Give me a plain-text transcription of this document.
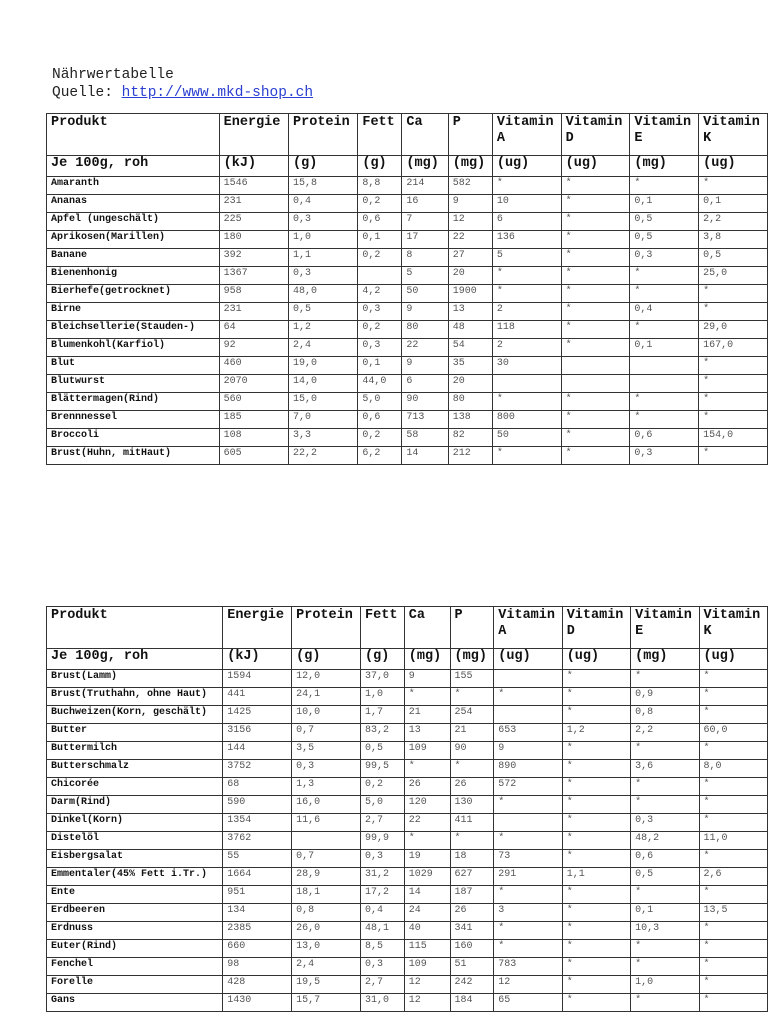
Nährwertabelle
Quelle: http://www.mkd-shop.ch
Produkt	Energie	Protein	Fett	Ca	P	Vitamin A	Vitamin D	Vitamin E	Vitamin K
Je 100g, roh	(kJ)	(g)	(g)	(mg)	(mg)	(ug)	(ug)	(mg)	(ug)
Amaranth	1546	15,8	8,8	214	582	*	*	*	*
Ananas	231	0,4	0,2	16	9	10	*	0,1	0,1
Apfel (ungeschält)	225	0,3	0,6	7	12	6	*	0,5	2,2
Aprikosen(Marillen)	180	1,0	0,1	17	22	136	*	0,5	3,8
Banane	392	1,1	0,2	8	27	5	*	0,3	0,5
Bienenhonig	1367	0,3		5	20	*	*	*	25,0
Bierhefe(getrocknet)	958	48,0	4,2	50	1900	*	*	*	*
Birne	231	0,5	0,3	9	13	2	*	0,4	*
Bleichsellerie(Stauden-)	64	1,2	0,2	80	48	118	*	*	29,0
Blumenkohl(Karfiol)	92	2,4	0,3	22	54	2	*	0,1	167,0
Blut	460	19,0	0,1	9	35	30			*
Blutwurst	2070	14,0	44,0	6	20				*
Blättermagen(Rind)	560	15,0	5,0	90	80	*	*	*	*
Brennnessel	185	7,0	0,6	713	138	800	*	*	*
Broccoli	108	3,3	0,2	58	82	50	*	0,6	154,0
Brust(Huhn, mitHaut)	605	22,2	6,2	14	212	*	*	0,3	*
Produkt	Energie	Protein	Fett	Ca	P	Vitamin A	Vitamin D	Vitamin E	Vitamin K
Je 100g, roh	(kJ)	(g)	(g)	(mg)	(mg)	(ug)	(ug)	(mg)	(ug)
Brust(Lamm)	1594	12,0	37,0	9	155		*	*	*
Brust(Truthahn, ohne Haut)	441	24,1	1,0	*	*	*	*	0,9	*
Buchweizen(Korn, geschält)	1425	10,0	1,7	21	254		*	0,8	*
Butter	3156	0,7	83,2	13	21	653	1,2	2,2	60,0
Buttermilch	144	3,5	0,5	109	90	9	*	*	*
Butterschmalz	3752	0,3	99,5	*	*	890	*	3,6	8,0
Chicorée	68	1,3	0,2	26	26	572	*	*	*
Darm(Rind)	590	16,0	5,0	120	130	*	*	*	*
Dinkel(Korn)	1354	11,6	2,7	22	411		*	0,3	*
Distelöl	3762		99,9	*	*	*	*	48,2	11,0
Eisbergsalat	55	0,7	0,3	19	18	73	*	0,6	*
Emmentaler(45% Fett i.Tr.)	1664	28,9	31,2	1029	627	291	1,1	0,5	2,6
Ente	951	18,1	17,2	14	187	*	*	*	*
Erdbeeren	134	0,8	0,4	24	26	3	*	0,1	13,5
Erdnuss	2385	26,0	48,1	40	341	*	*	10,3	*
Euter(Rind)	660	13,0	8,5	115	160	*	*	*	*
Fenchel	98	2,4	0,3	109	51	783	*	*	*
Forelle	428	19,5	2,7	12	242	12	*	1,0	*
Gans	1430	15,7	31,0	12	184	65	*	*	*
